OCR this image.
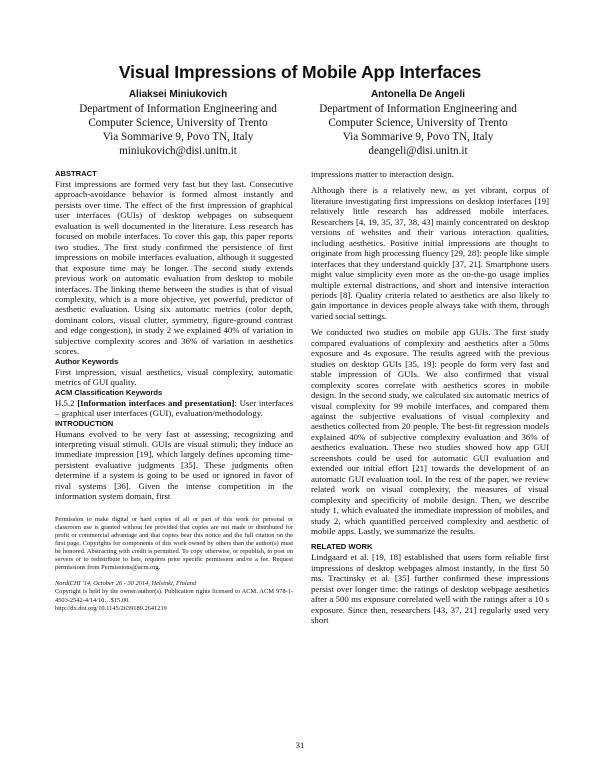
Visual Impressions of Mobile App Interfaces
Aliaksei Miniukovich
Department of Information Engineering and
Computer Science, University of Trento
Via Sommarive 9, Povo TN, Italy
miniukovich@disi.unitn.it
Antonella De Angeli
Department of Information Engineering and
Computer Science, University of Trento
Via Sommarive 9, Povo TN, Italy
deangeli@disi.unitn.it

ABSTRACT

First impressions are formed very fast but they last. Consecutive approach-avoidance behavior is formed almost instantly and persists over time. The effect of the first impression of graphical user interfaces (GUIs) of desktop webpages on subsequent evaluation is well documented in the literature. Less research has focused on mobile interfaces. To cover this gap, this paper reports two studies. The first study confirmed the persistence of first impressions on mobile interfaces evaluation, although it suggested that exposure time may be longer. The second study extends previous work on automatic evaluation from desktop to mobile interfaces. The linking theme between the studies is that of visual complexity, which is a more objective, yet powerful, predictor of aesthetic evaluation. Using six automatic metrics (color depth, dominant colors, visual clutter, symmetry, figure-ground contrast and edge congestion), in study 2 we explained 40% of variation in subjective complexity scores and 36% of variation in aesthetics scores.

Author Keywords

First impression, visual aesthetics, visual complexity, automatic metrics of GUI quality.

ACM Classification Keywords

H.5.2 [Information interfaces and presentation]: User interfaces – graphical user interfaces (GUI), evaluation/methodology.

INTRODUCTION

Humans evolved to be very fast at assessing, recognizing and interpreting visual stimuli. GUIs are visual stimuli; they induce an immediate impression [19], which largely defines upcoming time-persistent evaluative judgments [35]. These judgments often determine if a system is going to be used or ignored in favor of rival systems [36]. Given the intense competition in the information system domain, first

Permission to make digital or hard copies of all or part of this work for personal or classroom use is granted without fee provided that copies are not made or distributed for profit or commercial advantage and that copies bear this notice and the full citation on the first page. Copyrights for components of this work owned by others than the author(s) must be honored. Abstracting with credit is permitted. To copy otherwise, or republish, to post on servers or to redistribute to lists, requires prior specific permission and/or a fee. Request permissions from Permissions@acm.org.

NordiCHI '14, October 26 - 30 2014, Helsinki, Finland
Copyright is held by the owner/author(s). Publication rights licensed to ACM. ACM 978-1-4503-2542-4/14/10…$15.00.
http://dx.doi.org/10.1145/2639189.2641219

impressions matter to interaction design.

Although there is a relatively new, as yet vibrant, corpus of literature investigating first impressions on desktop interfaces [19] relatively little research has addressed mobile interfaces. Researchers [4, 19, 35, 37, 38, 43] mainly concentrated on desktop versions of websites and their various interaction qualities, including aesthetics. Positive initial impressions are thought to originate from high processing fluency [29, 28]: people like simple interfaces that they understand quickly [37, 21]. Smartphone users might value simplicity even more as the on-the-go usage implies multiple external distractions, and short and intensive interaction periods [8]. Quality criteria related to aesthetics are also likely to gain importance in devices people always take with them, through varied social settings.

We conducted two studies on mobile app GUIs. The first study compared evaluations of complexity and aesthetics after a 50ms exposure and 4s exposure. The results agreed with the previous studies on desktop GUIs [35, 19]: people do form very fast and stable impression of GUIs. We also confirmed that visual complexity scores correlate with aesthetics scores in mobile design. In the second study, we calculated six automatic metrics of visual complexity for 99 mobile interfaces, and compared them against the subjective evaluations of visual complexity and aesthetics collected from 20 people. The best-fit regression models explained 40% of subjective complexity evaluation and 36% of aesthetics evaluation. These two studies showed how app GUI screenshots could be used for automatic GUI evaluation and extended our initial effort [21] towards the development of an automatic GUI evaluation tool. In the rest of the paper, we review related work on visual complexity, the measures of visual complexity and specificity of mobile design. Then, we describe study 1, which evaluated the immediate impression of mobiles, and study 2, which quantified perceived complexity and aesthetic of mobile apps. Lastly, we summarize the results.

RELATED WORK

Lindgaard et al. [19, 18] established that users form reliable first impressions of desktop webpages almost instantly, in the first 50 ms. Tractinsky et al. [35] further confirmed these impressions persist over longer time: the ratings of desktop webpage aesthetics after a 500 ms exposure correlated well with the ratings after a 10 s exposure. Since then, researchers [43, 37, 21] regularly used very short

31
